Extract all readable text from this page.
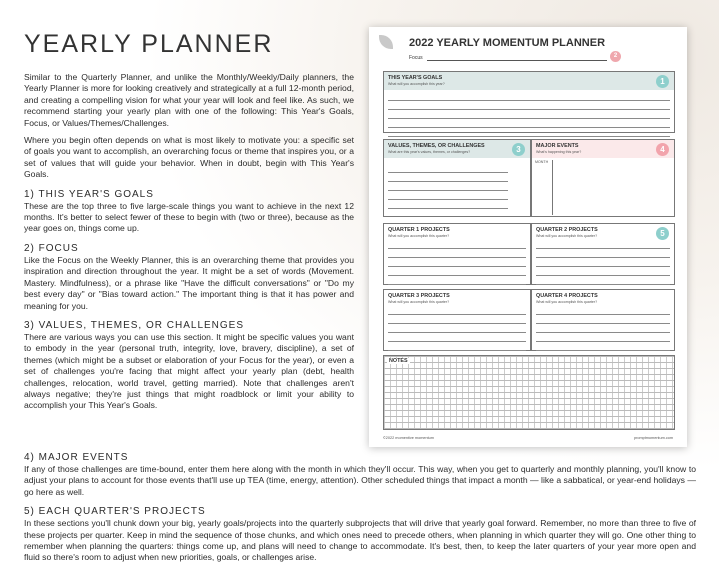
YEARLY PLANNER

Similar to the Quarterly Planner, and unlike the Monthly/Weekly/Daily planners, the Yearly Planner is more for looking creatively and strategically at a full 12-month period, and creating a compelling vision for what your year will look and feel like. As such, we recommend starting your yearly plan with one of the following: This Year's Goals, Focus, or Values/Themes/Challenges.

Where you begin often depends on what is most likely to motivate you: a specific set of goals you want to accomplish, an overarching focus or theme that inspires you, or a set of values that will guide your behavior. When in doubt, begin with This Year's Goals.

1) THIS YEAR'S GOALS

These are the top three to five large-scale things you want to achieve in the next 12 months. It's better to select fewer of these to begin with (two or three), because as the year goes on, things come up.

2) FOCUS

Like the Focus on the Weekly Planner, this is an overarching theme that provides you inspiration and direction throughout the year. It might be a set of words (Movement. Mastery. Mindfulness), or a phrase like "Have the difficult conversations" or "Do my best every day" or "Bias toward action." The important thing is that it has power and meaning for you.

3) VALUES, THEMES, OR CHALLENGES

There are various ways you can use this section. It might be specific values you want to embody in the year (personal truth, integrity, love, bravery, discipline), a set of themes (which might be a subset or elaboration of your Focus for the year), or even a set of challenges you're facing that might affect your yearly plan (debt, health challenges, relocation, world travel, getting married). Note that challenges aren't always negative; they're just things that might roadblock or limit your ability to accomplish your This Year's Goals.

4) MAJOR EVENTS

If any of those challenges are time-bound, enter them here along with the month in which they'll occur. This way, when you get to quarterly and monthly planning, you'll know to adjust your plans to account for those events that'll use up TEA (time, energy, attention). Other scheduled things that impact a month — like a sabbatical, or year-end holidays — go here as well.

5) EACH QUARTER'S PROJECTS

In these sections you'll chunk down your big, yearly goals/projects into the quarterly subprojects that will drive that yearly goal forward. Remember, no more than three to five of these projects per quarter. Keep in mind the sequence of those chunks, and which ones need to precede others, when planning in which quarter they will go. One other thing to remember when planning the quarters: things come up, and plans will need to change to accommodate. It's best, then, to keep the later quarters of your year more open and fluid so there's room to adjust when new priorities, goals, or challenges arise.

2022 YEARLY MOMENTUM PLANNER
Focus	2
THIS YEAR'S GOALS
What will you accomplish this year?	1
VALUES, THEMES, OR CHALLENGES
What are this year's values, themes, or challenges?	3	MAJOR EVENTS
What's happening this year?	4
MONTH
QUARTER 1 PROJECTS
What will you accomplish this quarter?
QUARTER 2 PROJECTS
What will you accomplish this quarter?	5
QUARTER 3 PROJECTS
What will you accomplish this quarter?
QUARTER 4 PROJECTS
What will you accomplish this quarter?
NOTES
©2022 momentive momentum	promptmomentum.com
